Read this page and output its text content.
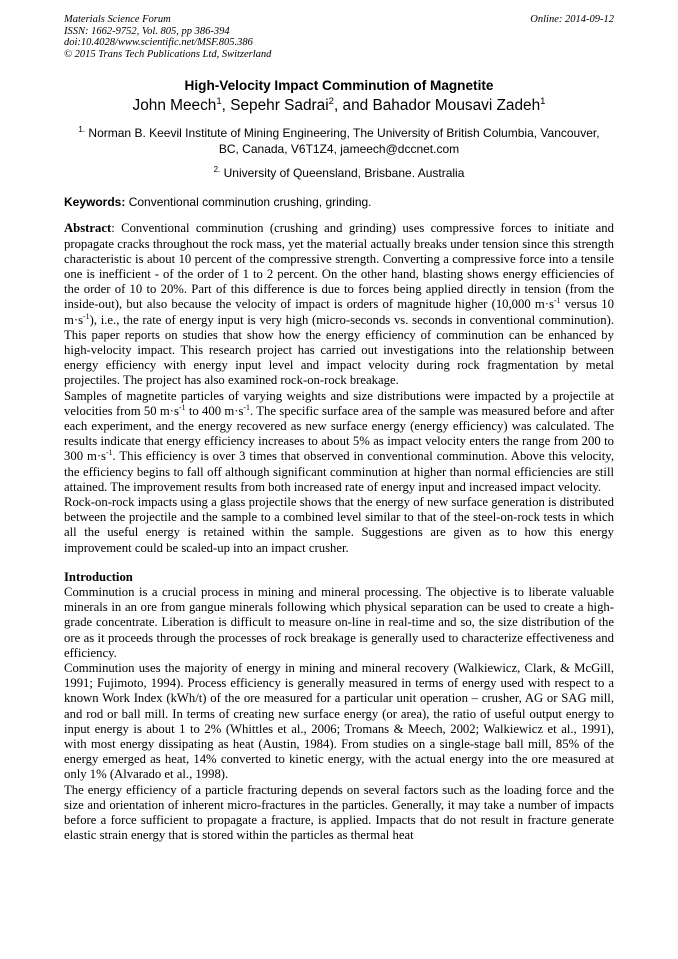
Materials Science Forum
ISSN: 1662-9752, Vol. 805, pp 386-394
doi:10.4028/www.scientific.net/MSF.805.386
© 2015 Trans Tech Publications Ltd, Switzerland
Online: 2014-09-12
High-Velocity Impact Comminution of Magnetite
John Meech$^1$, Sepehr Sadrai$^2$, and Bahador Mousavi Zadeh$^1$
$^{1.}$ Norman B. Keevil Institute of Mining Engineering, The University of British Columbia, Vancouver, BC, Canada, V6T1Z4, jameech@dccnet.com
$^{2.}$ University of Queensland, Brisbane. Australia
Keywords: Conventional comminution crushing, grinding.

Abstract: Conventional comminution (crushing and grinding) uses compressive forces to initiate and propagate cracks throughout the rock mass, yet the material actually breaks under tension since this strength characteristic is about 10 percent of the compressive strength. Converting a compressive force into a tensile one is inefficient - of the order of 1 to 2 percent. On the other hand, blasting shows energy efficiencies of the order of 10 to 20%. Part of this difference is due to forces being applied directly in tension (from the inside-out), but also because the velocity of impact is orders of magnitude higher (10,000 $m\cdot s^{-1}$ versus 10 $m\cdot s^{-1}$), i.e., the rate of energy input is very high (micro-seconds vs. seconds in conventional comminution). This paper reports on studies that show how the energy efficiency of comminution can be enhanced by high-velocity impact. This research project has carried out investigations into the relationship between energy efficiency with energy input level and impact velocity during rock fragmentation by metal projectiles. The project has also examined rock-on-rock breakage.

Samples of magnetite particles of varying weights and size distributions were impacted by a projectile at velocities from 50 $m\cdot s^{-1}$ to 400 $m\cdot s^{-1}$. The specific surface area of the sample was measured before and after each experiment, and the energy recovered as new surface energy (energy efficiency) was calculated. The results indicate that energy efficiency increases to about 5% as impact velocity enters the range from 200 to 300 $m\cdot s^{-1}$. This efficiency is over 3 times that observed in conventional comminution. Above this velocity, the efficiency begins to fall off although significant comminution at higher than normal efficiencies are still attained. The improvement results from both increased rate of energy input and increased impact velocity.

Rock-on-rock impacts using a glass projectile shows that the energy of new surface generation is distributed between the projectile and the sample to a combined level similar to that of the steel-on-rock tests in which all the useful energy is retained within the sample. Suggestions are given as to how this energy improvement could be scaled-up into an impact crusher.

Introduction

Comminution is a crucial process in mining and mineral processing. The objective is to liberate valuable minerals in an ore from gangue minerals following which physical separation can be used to create a high-grade concentrate. Liberation is difficult to measure on-line in real-time and so, the size distribution of the ore as it proceeds through the processes of rock breakage is generally used to characterize effectiveness and efficiency.

Comminution uses the majority of energy in mining and mineral recovery (Walkiewicz, Clark, & McGill, 1991; Fujimoto, 1994). Process efficiency is generally measured in terms of energy used with respect to a known Work Index (kWh/t) of the ore measured for a particular unit operation – crusher, AG or SAG mill, and rod or ball mill. In terms of creating new surface energy (or area), the ratio of useful output energy to input energy is about 1 to 2% (Whittles et al., 2006; Tromans & Meech, 2002; Walkiewicz et al., 1991), with most energy dissipating as heat (Austin, 1984). From studies on a single-stage ball mill, 85% of the energy emerged as heat, 14% converted to kinetic energy, with the actual energy into the ore measured at only 1% (Alvarado et al., 1998).

The energy efficiency of a particle fracturing depends on several factors such as the loading force and the size and orientation of inherent micro-fractures in the particles. Generally, it may take a number of impacts before a force sufficient to propagate a fracture, is applied. Impacts that do not result in fracture generate elastic strain energy that is stored within the particles as thermal heat
